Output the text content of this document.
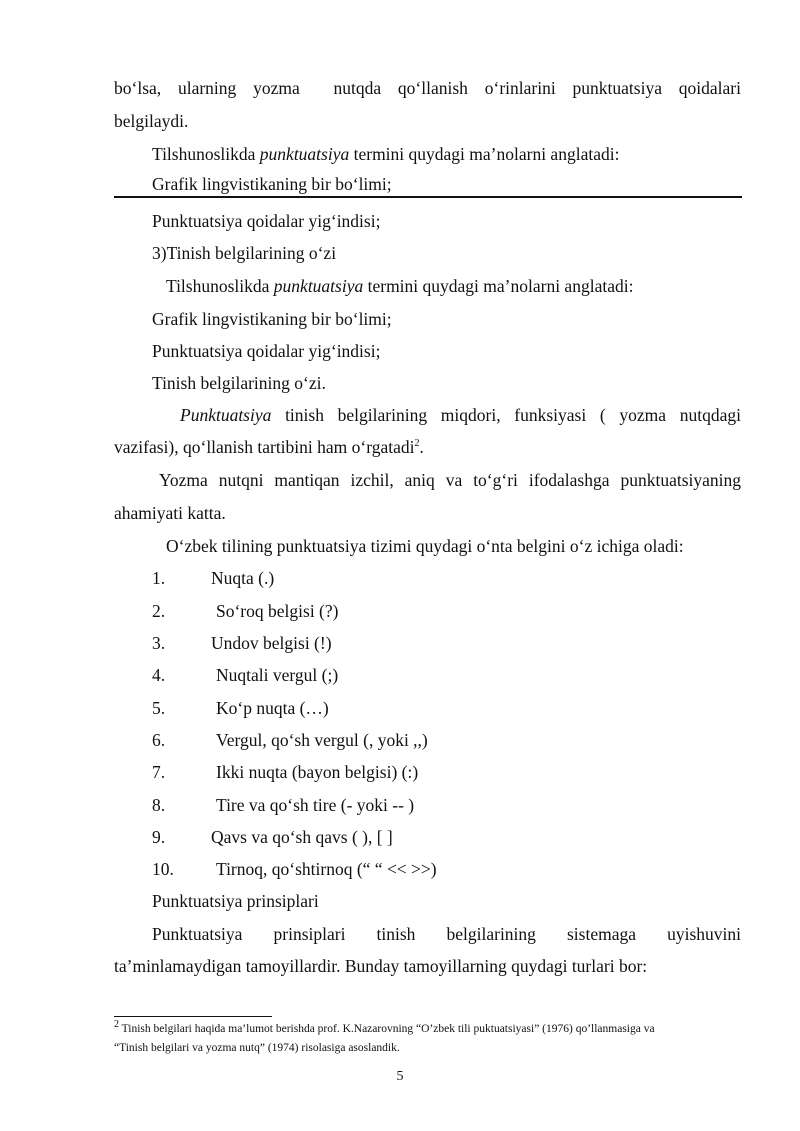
bo‘lsa, ularning yozma  nutqda qo‘llanish o‘rinlarini punktuatsiya qoidalari
belgilaydi.
Tilshunoslikda punktuatsiya termini quydagi ma’nolarni anglatadi:
Grafik lingvistikaning bir bo‘limi;
Punktuatsiya qoidalar yig‘indisi;
3)Tinish belgilarining o‘zi
Tilshunoslikda punktuatsiya termini quydagi ma’nolarni anglatadi:
Grafik lingvistikaning bir bo‘limi;
Punktuatsiya qoidalar yig‘indisi;
Tinish belgilarining o‘zi.
Punktuatsiya tinish belgilarining miqdori, funksiyasi ( yozma nutqdagi
vazifasi), qo‘llanish tartibini ham o‘rgatadi$^2$.
Yozma nutqni mantiqan izchil, aniq va to‘g‘ri ifodalashga punktuatsiyaning
ahamiyati katta.
O‘zbek tilining punktuatsiya tizimi quydagi o‘nta belgini o‘z ichiga oladi:
1.	Nuqta (.)
2.	So‘roq belgisi (?)
3.	Undov belgisi (!)
4.	Nuqtali vergul (;)
5.	Ko‘p nuqta (…)
6.	Vergul, qo‘sh vergul (, yoki ,,)
7.	Ikki nuqta (bayon belgisi) (:)
8.	Tire va qo‘sh tire (- yoki -- )
9.	Qavs va qo‘sh qavs ( ), [ ]
10. Tirnoq, qo‘shtirnoq (“ “ << >>)
Punktuatsiya prinsiplari
Punktuatsiya prinsiplari tinish belgilarining sistemaga uyishuvini
ta’minlamaydigan tamoyillardir. Bunday tamoyillarning quydagi turlari bor:
$^2$ Tinish belgilari haqida ma’lumot berishda prof. K.Nazarovning “O’zbek tili puktuatsiyasi” (1976) qo’llanmasiga va
“Tinish belgilari va yozma nutq” (1974) risolasiga asoslandik.
5
